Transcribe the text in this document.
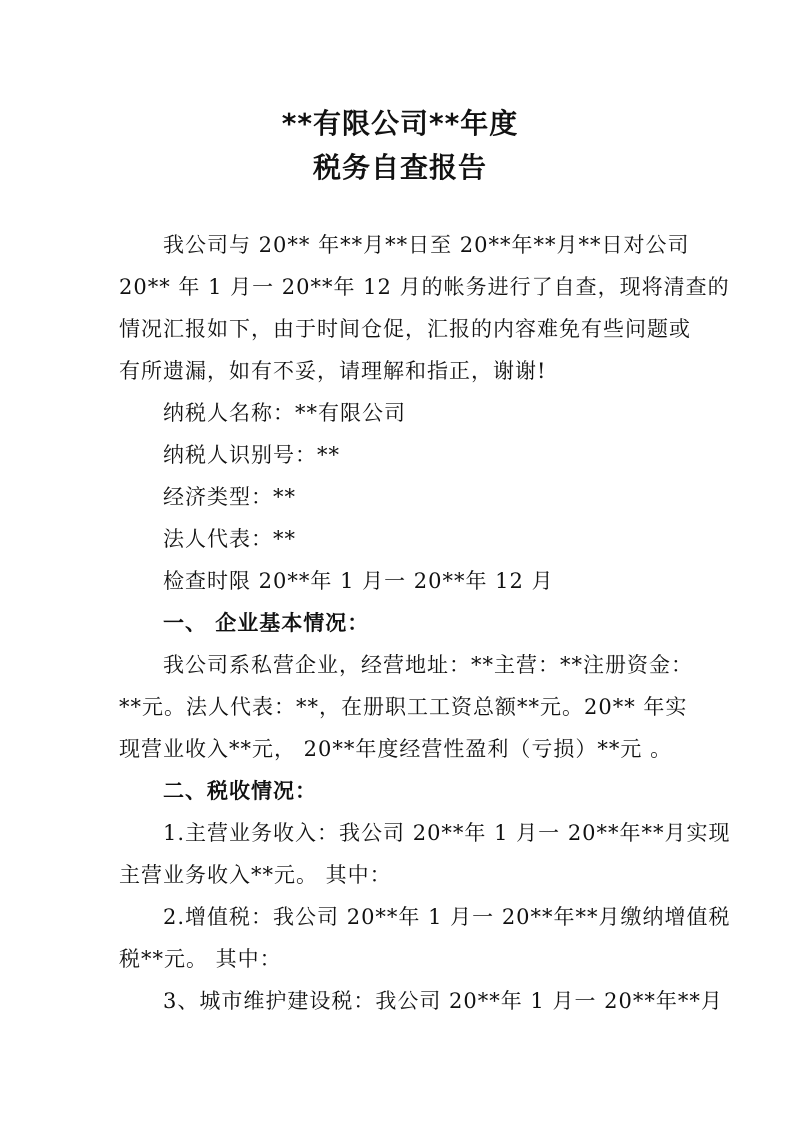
**有限公司**年度
税务自查报告
我公司与 20** 年**月**日至 20**年**月**日对公司
20** 年 1 月一 20**年 12 月的帐务进行了自查，现将清查的
情况汇报如下，由于时间仓促，汇报的内容难免有些问题或
有所遗漏，如有不妥，请理解和指正，谢谢!
纳税人名称：**有限公司
纳税人识别号：**
经济类型：**
法人代表：**
检查时限 20**年 1 月一 20**年 12 月
一、 企业基本情况：
我公司系私营企业，经营地址：**主营：**注册资金：
**元。法人代表：**，在册职工工资总额**元。20** 年实
现营业收入**元， 20**年度经营性盈利（亏损）**元 。
二、税收情况：
1.主营业务收入：我公司 20**年 1 月一 20**年**月实现
主营业务收入**元。 其中：
2.增值税：我公司 20**年 1 月一 20**年**月缴纳增值税
税**元。 其中：
3、城市维护建设税：我公司 20**年 1 月一 20**年**月
